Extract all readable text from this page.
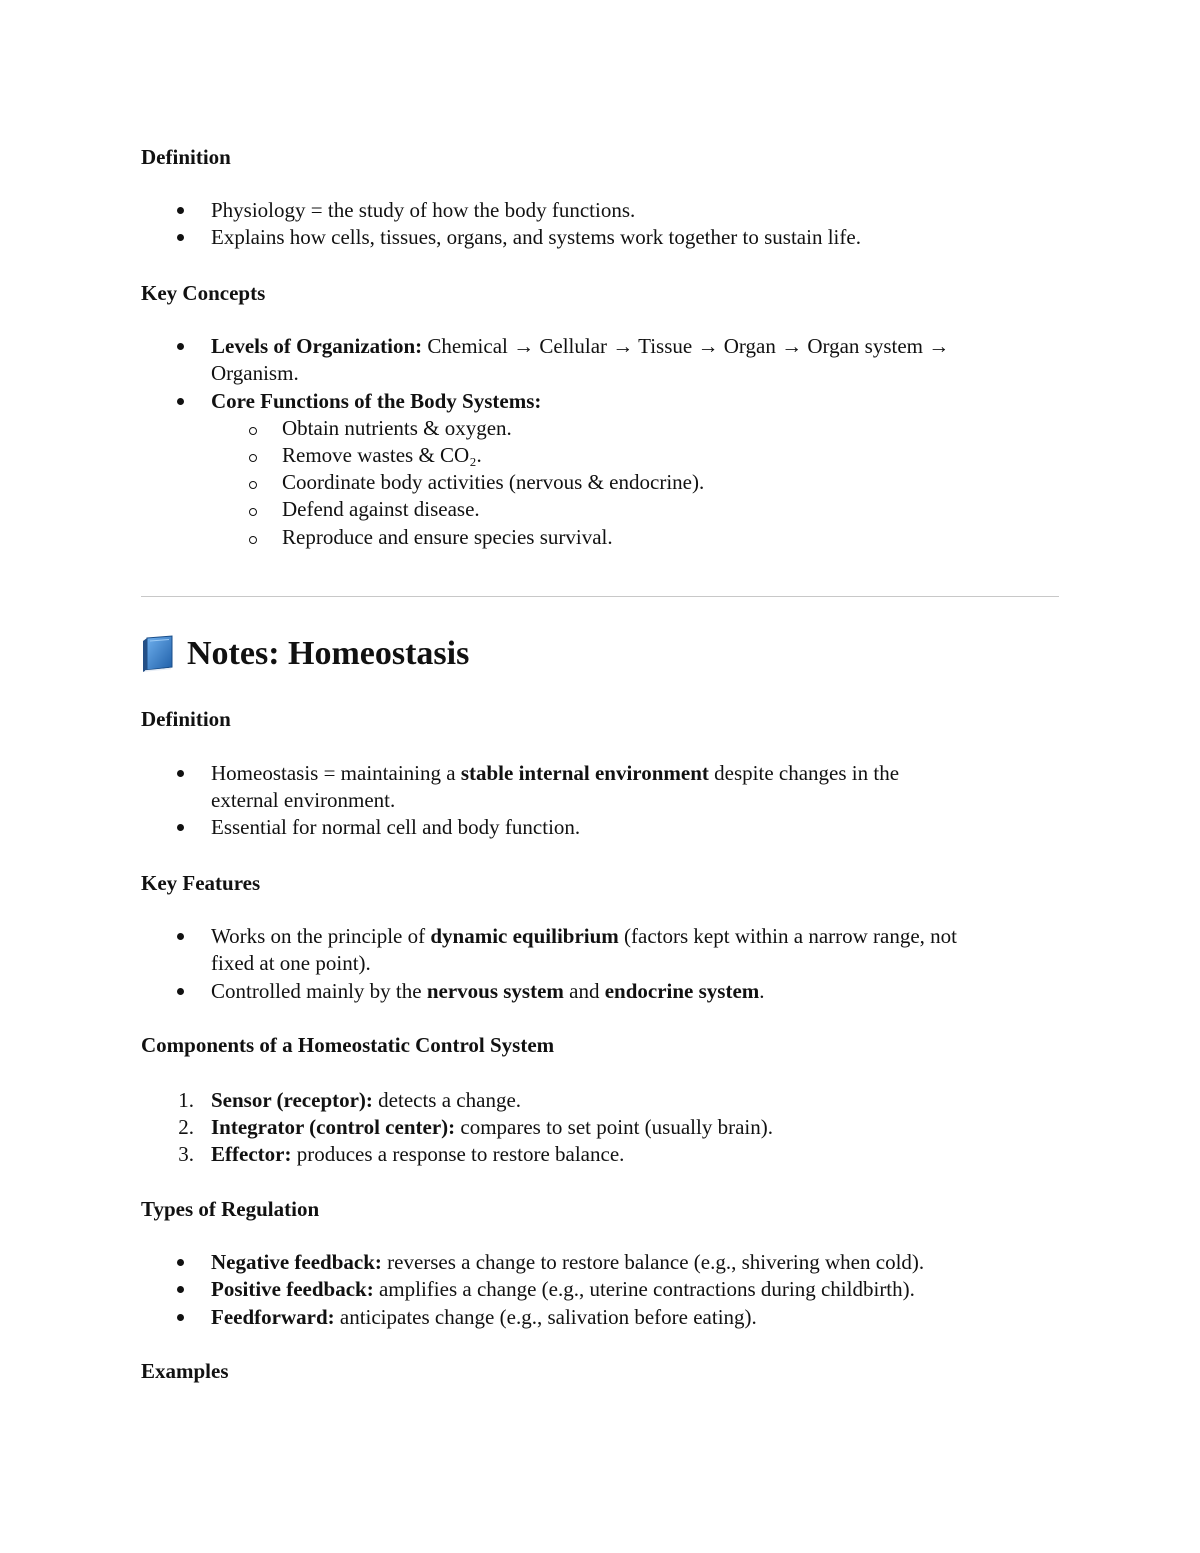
Definition

Physiology = the study of how the body functions.

Explains how cells, tissues, organs, and systems work together to sustain life.

Key Concepts

Levels of Organization: Chemical → Cellular → Tissue → Organ → Organ system →

Organism.

Core Functions of the Body Systems:

Obtain nutrients & oxygen.

Remove wastes & CO₂.

Coordinate body activities (nervous & endocrine).

Defend against disease.

Reproduce and ensure species survival.

Notes: Homeostasis
Definition

Homeostasis = maintaining a stable internal environment despite changes in the

external environment.

Essential for normal cell and body function.

Key Features

Works on the principle of dynamic equilibrium (factors kept within a narrow range, not

fixed at one point).

Controlled mainly by the nervous system and endocrine system.

Components of a Homeostatic Control System
1. Sensor (receptor): detects a change.

2. Integrator (control center): compares to set point (usually brain).

3. Effector: produces a response to restore balance.

Types of Regulation

Negative feedback: reverses a change to restore balance (e.g., shivering when cold).

Positive feedback: amplifies a change (e.g., uterine contractions during childbirth).

Feedforward: anticipates change (e.g., salivation before eating).

Examples
